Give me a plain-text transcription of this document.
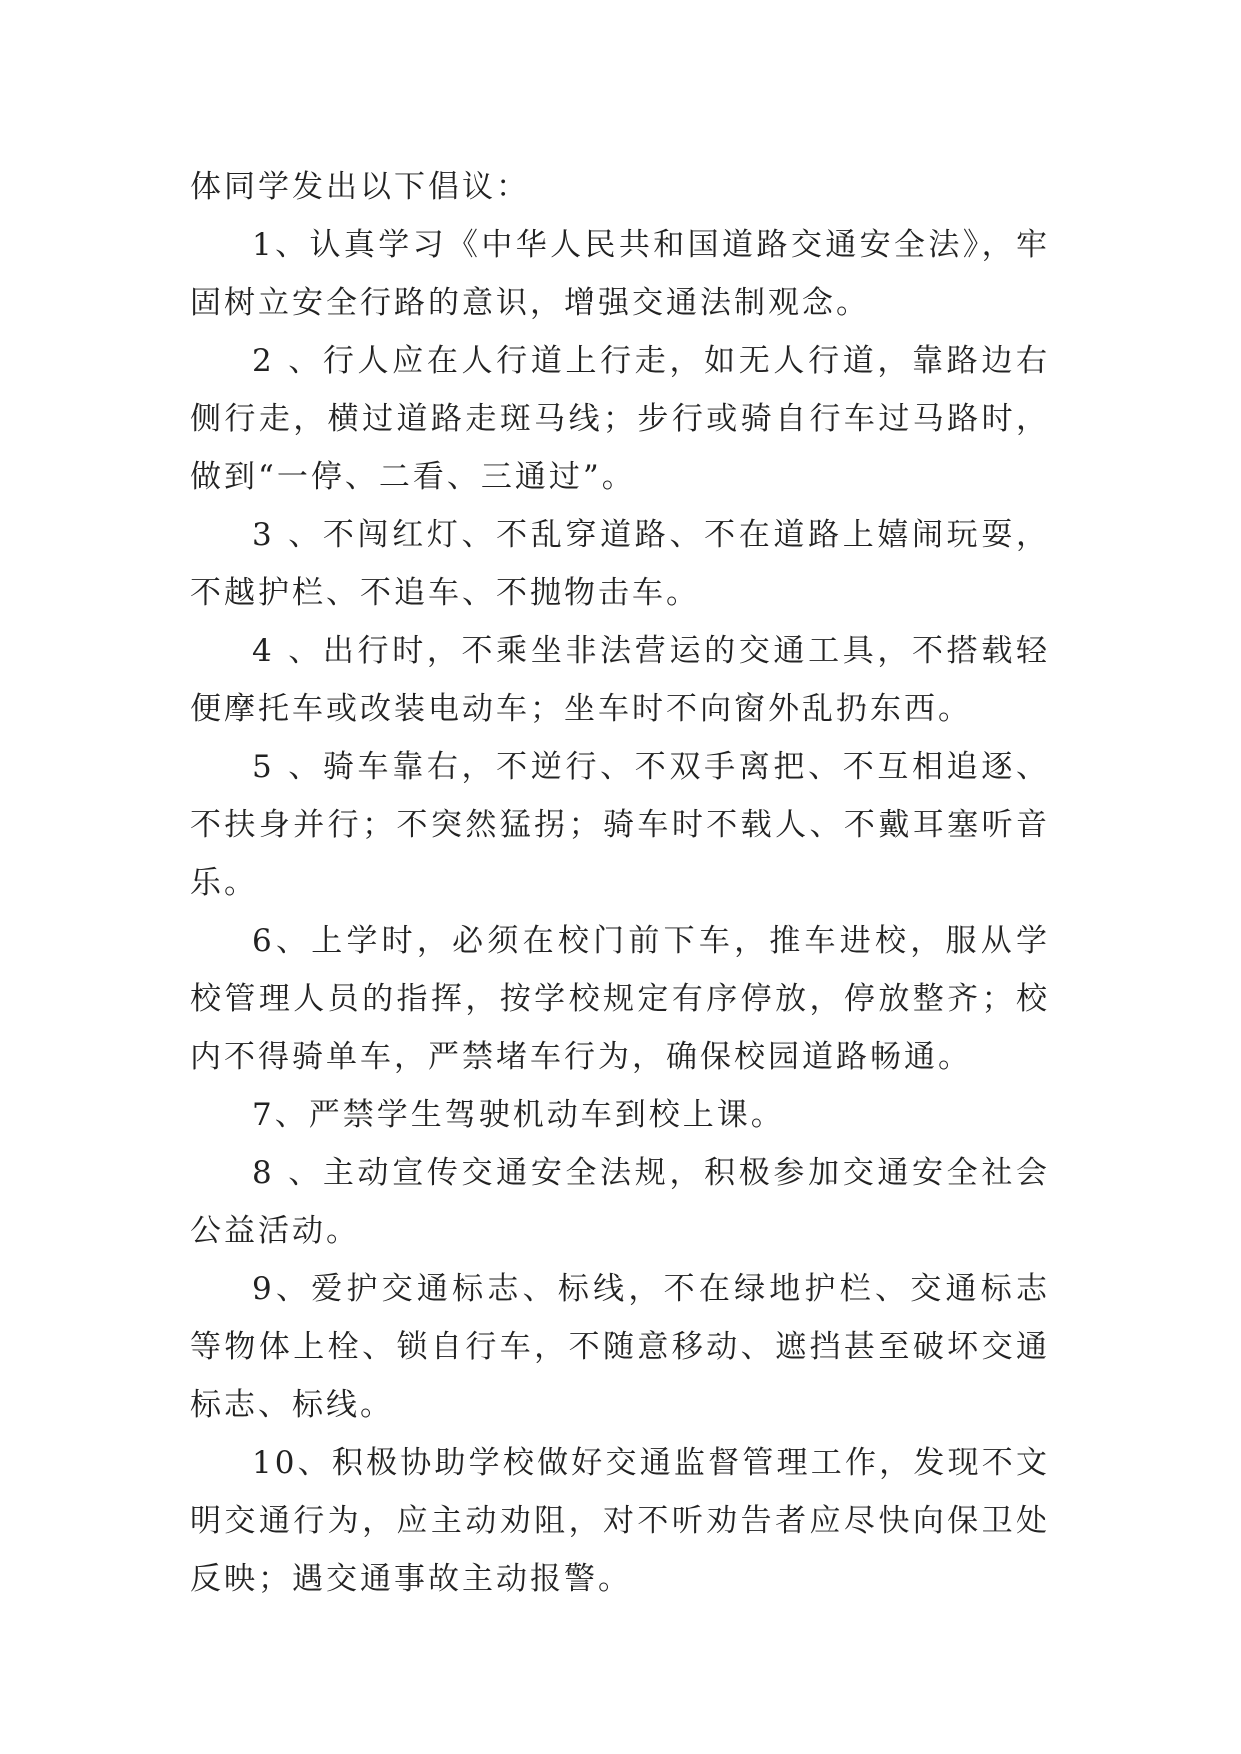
体同学发出以下倡议：

1、认真学习《中华人民共和国道路交通安全法》，牢固树立安全行路的意识，增强交通法制观念。

2 、行人应在人行道上行走，如无人行道，靠路边右侧行走，横过道路走斑马线；步行或骑自行车过马路时，做到“一停、二看、三通过”。

3 、不闯红灯、不乱穿道路、不在道路上嬉闹玩耍，不越护栏、不追车、不抛物击车。

4 、出行时，不乘坐非法营运的交通工具，不搭载轻便摩托车或改装电动车；坐车时不向窗外乱扔东西。

5 、骑车靠右，不逆行、不双手离把、不互相追逐、不扶身并行；不突然猛拐；骑车时不载人、不戴耳塞听音乐。

6、上学时，必须在校门前下车，推车进校，服从学校管理人员的指挥，按学校规定有序停放，停放整齐；校内不得骑单车，严禁堵车行为，确保校园道路畅通。

7、严禁学生驾驶机动车到校上课。

8 、主动宣传交通安全法规，积极参加交通安全社会公益活动。

9、爱护交通标志、标线，不在绿地护栏、交通标志等物体上栓、锁自行车，不随意移动、遮挡甚至破坏交通标志、标线。

10、积极协助学校做好交通监督管理工作，发现不文明交通行为，应主动劝阻，对不听劝告者应尽快向保卫处反映；遇交通事故主动报警。
